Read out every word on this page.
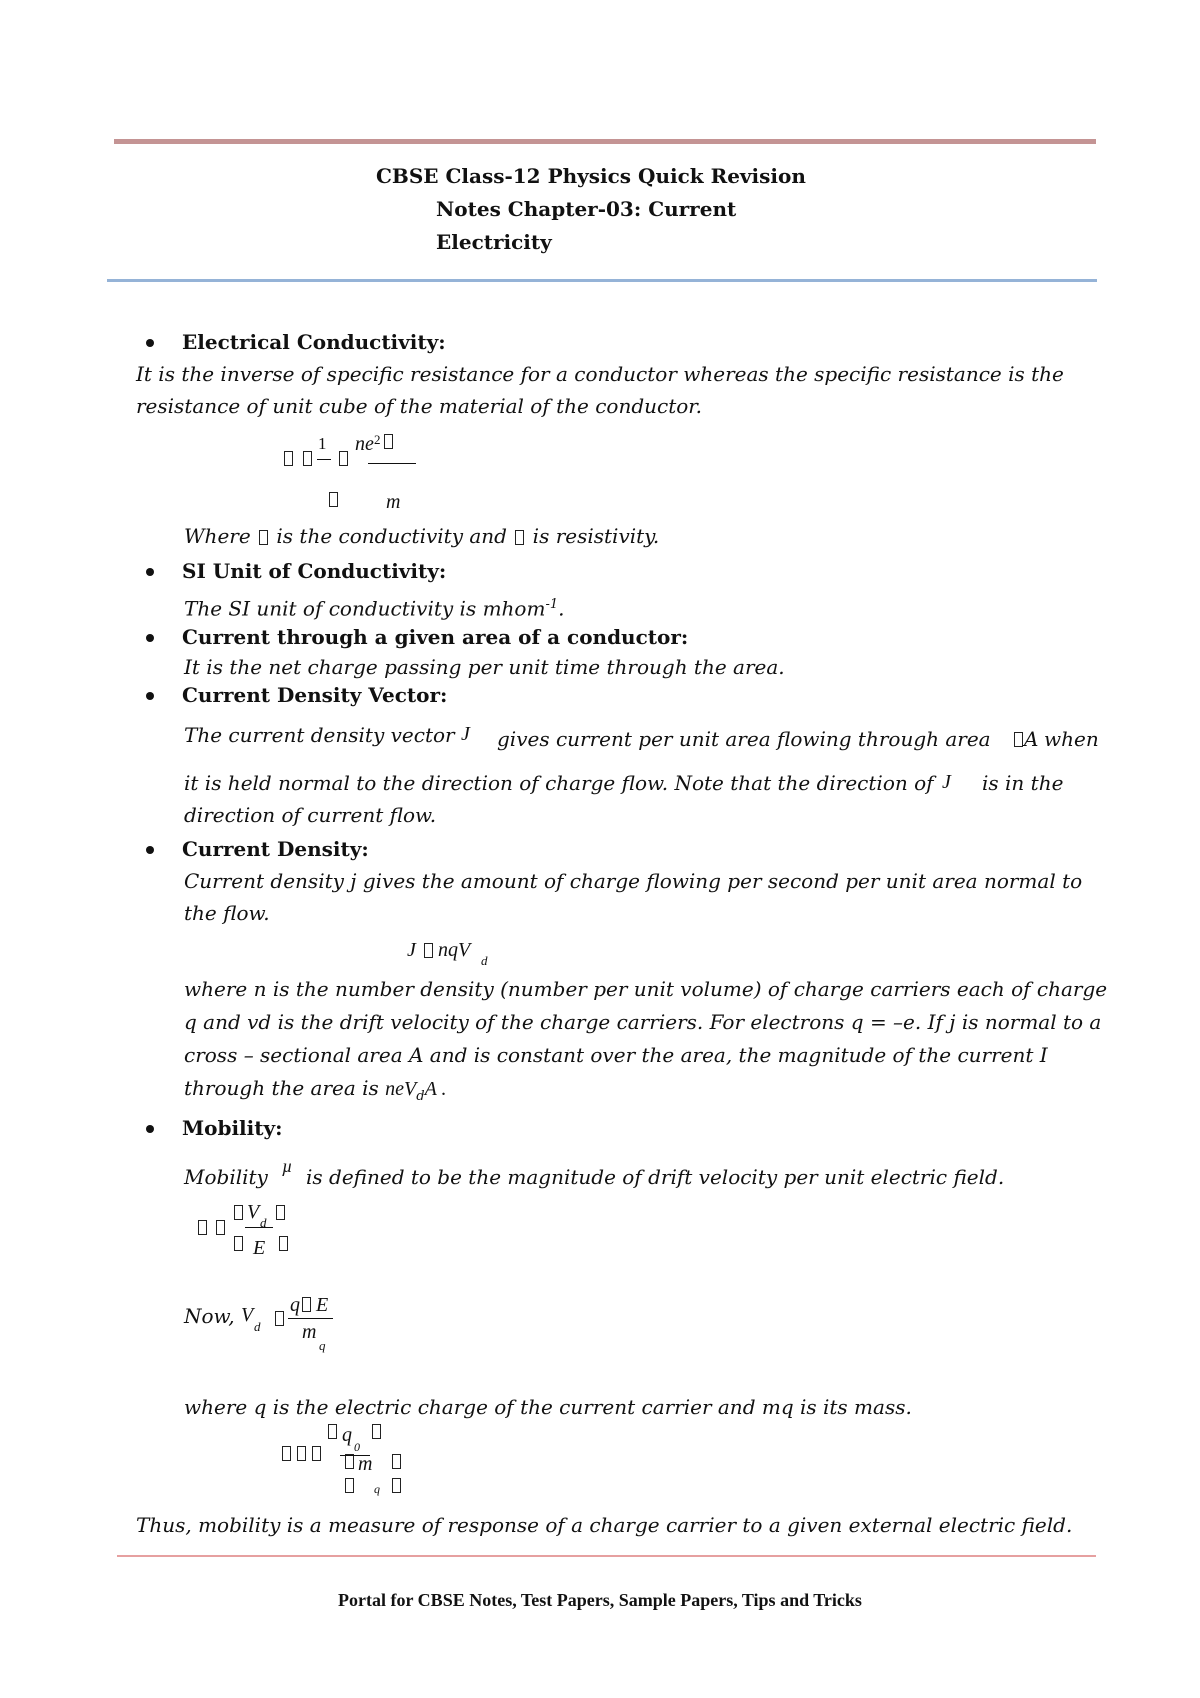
CBSE Class-12 Physics Quick Revision
Notes Chapter-03: Current
Electricity
Electrical Conductivity:
It is the inverse of specific resistance for a conductor whereas the specific resistance is the
resistance of unit cube of the material of the conductor.
1 ne 2
m
Where  is the conductivity and  is resistivity.
SI Unit of Conductivity:
The SI unit of conductivity is mhom$^{-1}$.
Current through a given area of a conductor:
It is the net charge passing per unit time through the area.
Current Density Vector:
The current density vector J gives current per unit area flowing through area A when
it is held normal to the direction of charge flow. Note that the direction of J is in the
direction of current flow.
Current Density:
Current density j gives the amount of charge flowing per second per unit area normal to
the flow.
J nqV d
where n is the number density (number per unit volume) of charge carriers each of charge
q and vd is the drift velocity of the charge carriers. For electrons q = –e. If j is normal to a
cross – sectional area A and is constant over the area, the magnitude of the current I
through the area is neV$_d$A .
Mobility:
Mobility µ is defined to be the magnitude of drift velocity per unit electric field.
V d
E
Now, V
d
q E
m
q
where q is the electric charge of the current carrier and mq is its mass.
q
0
m
q
Thus, mobility is a measure of response of a charge carrier to a given external electric field.
Portal for CBSE Notes, Test Papers, Sample Papers, Tips and Tricks
